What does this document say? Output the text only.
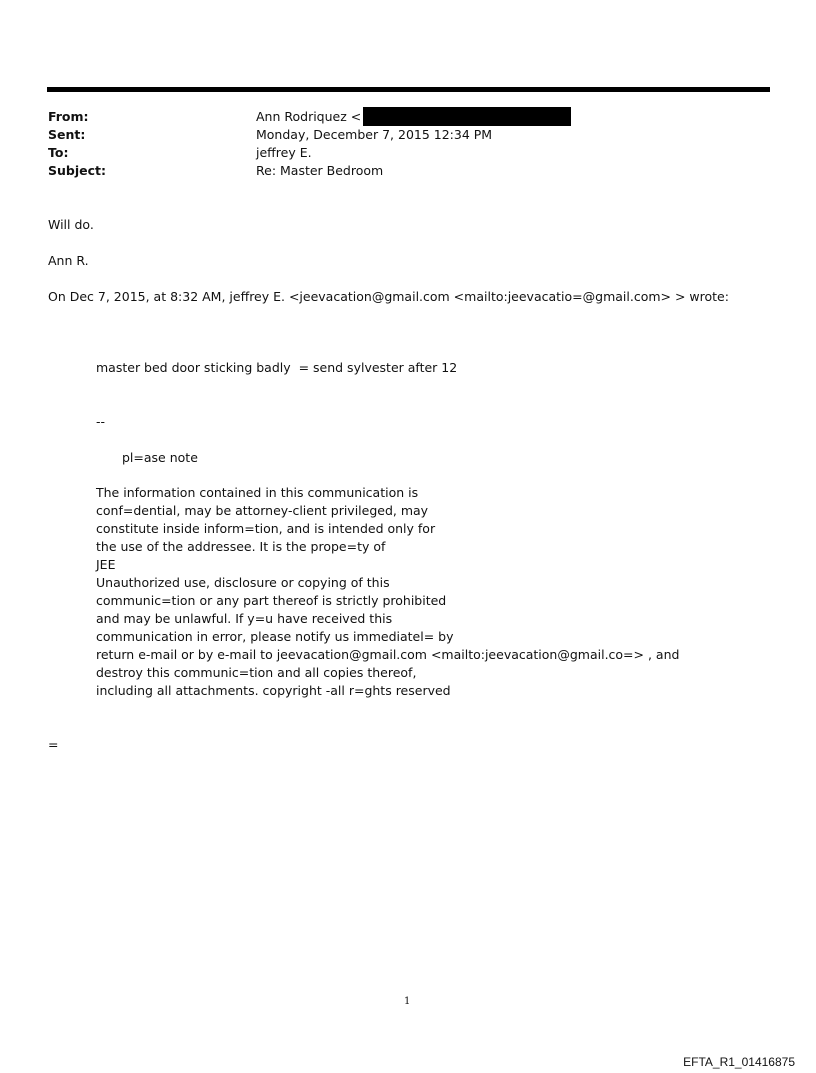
From:	Ann Rodriquez <
Sent:	Monday, December 7, 2015 12:34 PM
To:	jeffrey E.
Subject:	Re: Master Bedroom
Will do.
Ann R.
On Dec 7, 2015, at 8:32 AM, jeffrey E. <jeevacation@gmail.com <mailto:jeevacatio=@gmail.com> > wrote:
master bed door sticking badly  = send sylvester after 12
--
pl=ase note
The information contained in this communication is
conf=dential, may be attorney-client privileged, may
constitute inside inform=tion, and is intended only for
the use of the addressee. It is the prope=ty of
JEE
Unauthorized use, disclosure or copying of this
communic=tion or any part thereof is strictly prohibited
and may be unlawful. If y=u have received this
communication in error, please notify us immediatel= by
return e-mail or by e-mail to jeevacation@gmail.com <mailto:jeevacation@gmail.co=> , and
destroy this communic=tion and all copies thereof,
including all attachments. copyright -all r=ghts reserved
=
1
EFTA_R1_01416875
